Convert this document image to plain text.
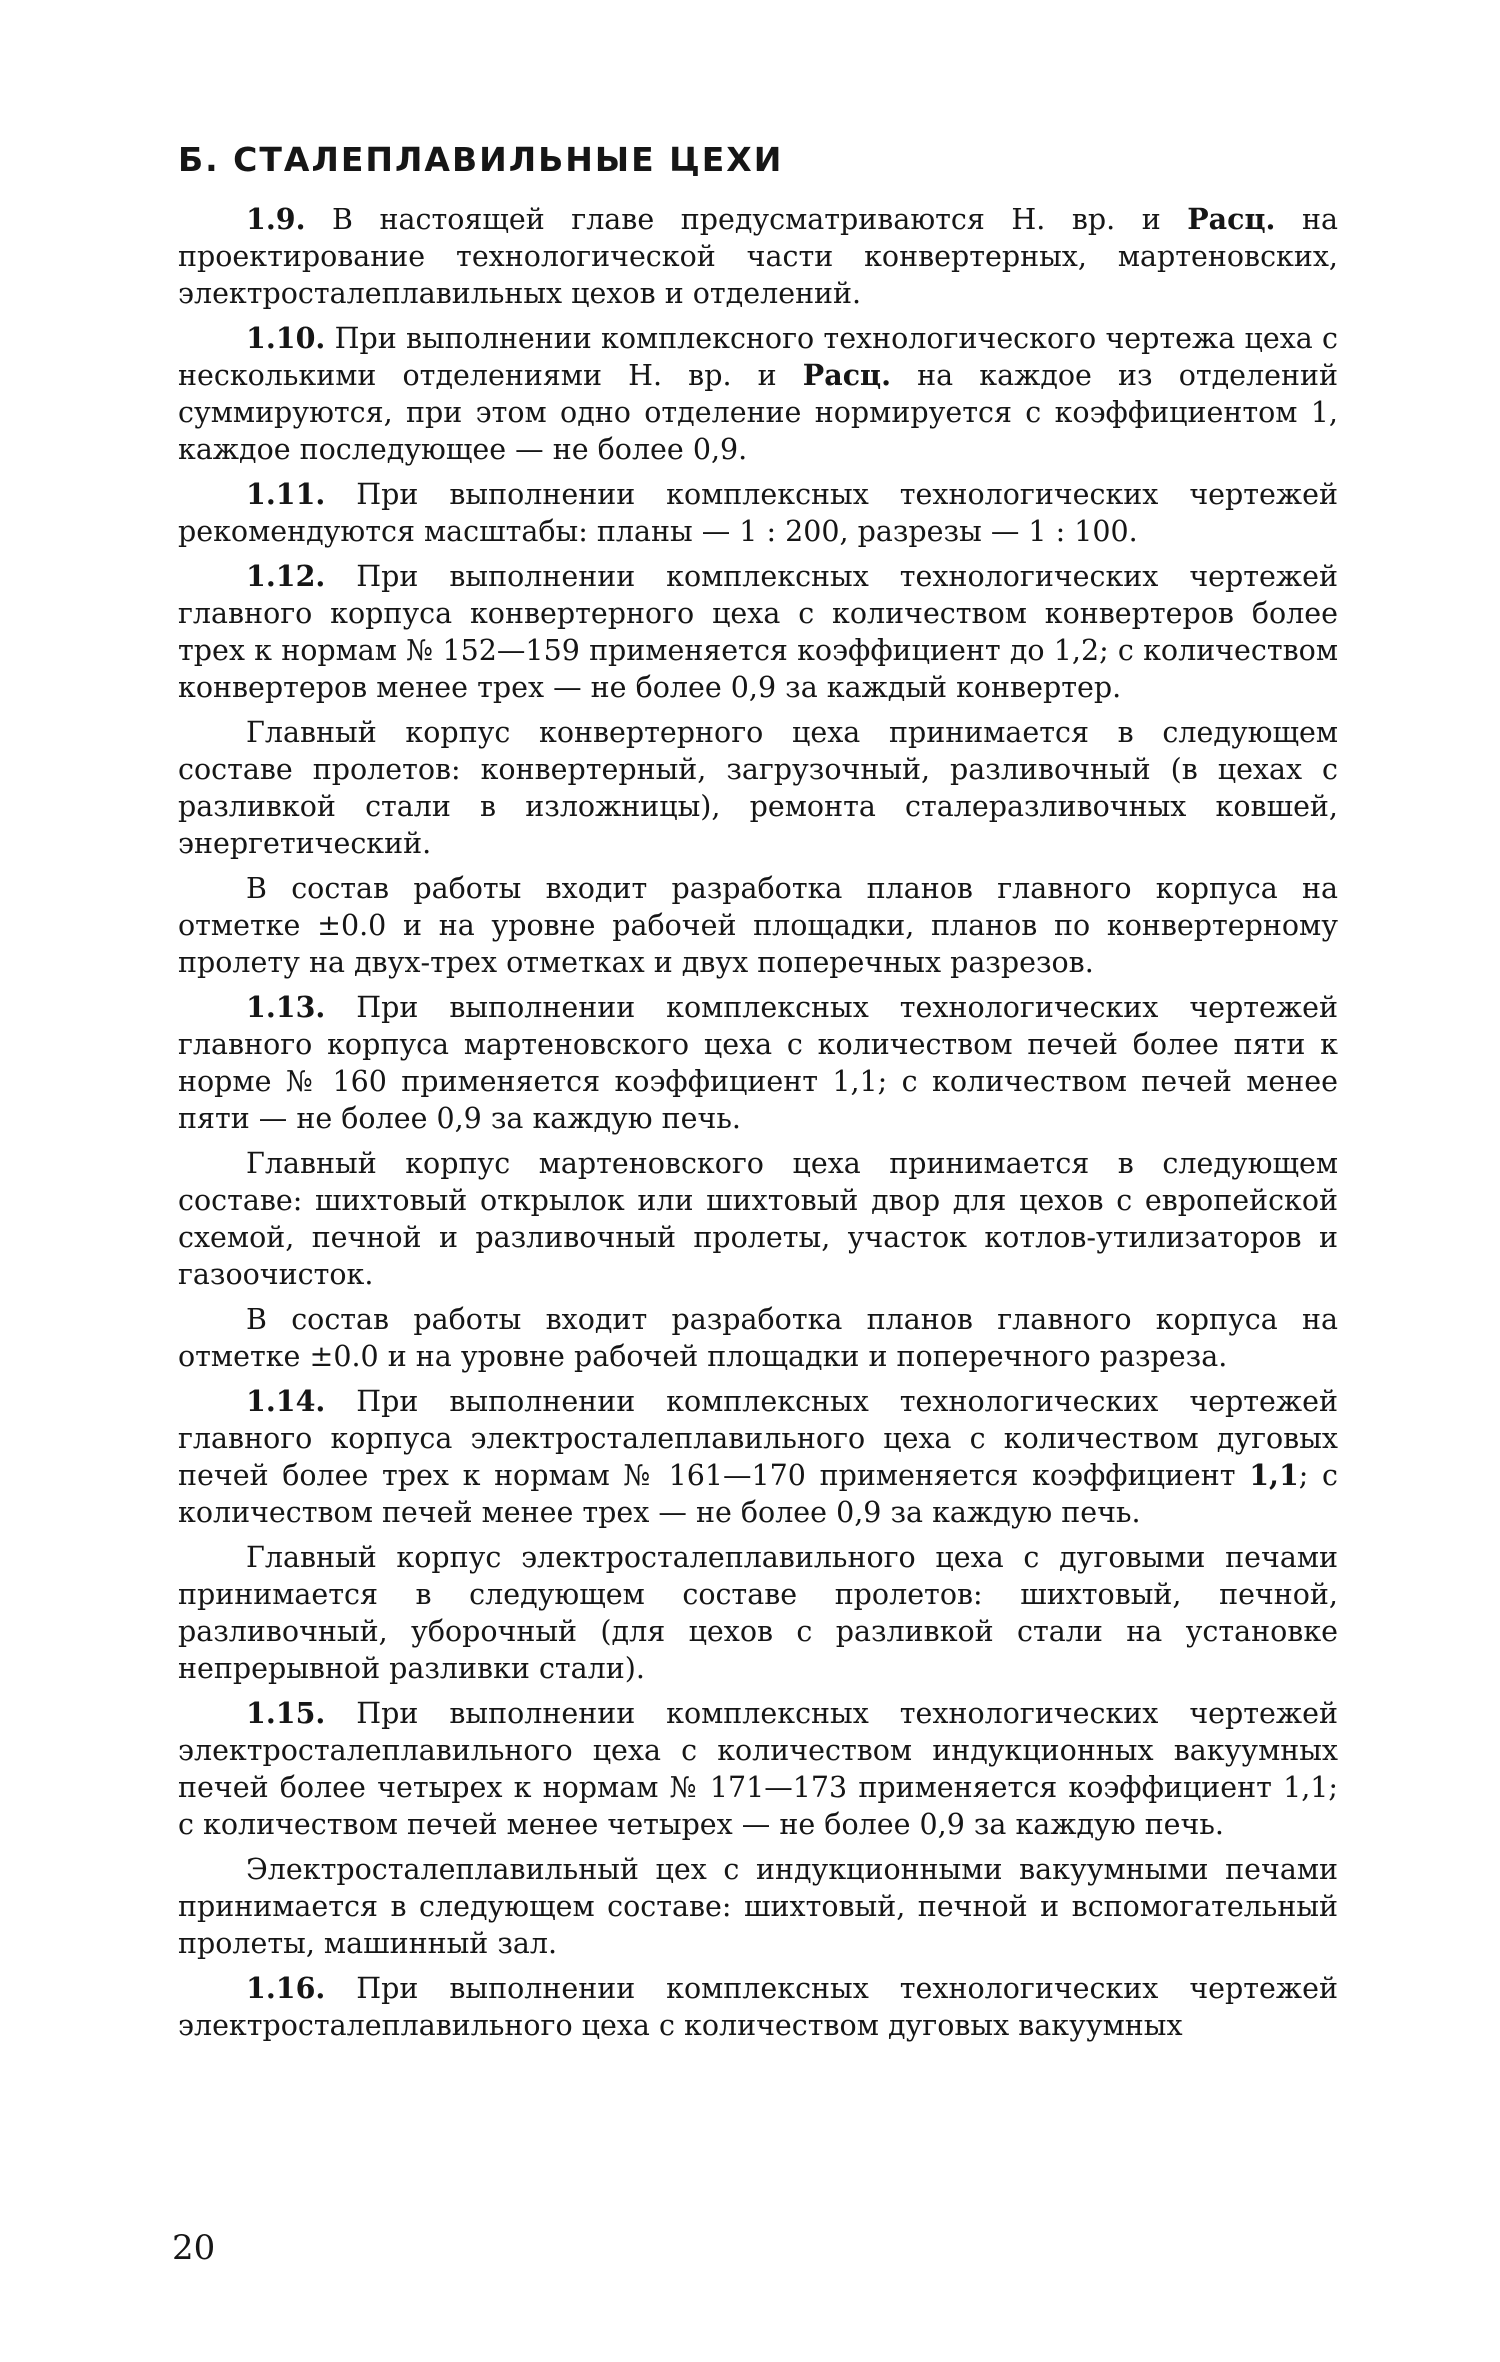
Б. СТАЛЕПЛАВИЛЬНЫЕ ЦЕХИ

1.9. В настоящей главе предусматриваются Н. вр. и Расц. на проектирование технологической части конвертерных, мартеновских, электросталеплавильных цехов и отделений.

1.10. При выполнении комплексного технологического чертежа цеха с несколькими отделениями Н. вр. и Расц. на каждое из отделений суммируются, при этом одно отделение нормируется с коэффициентом 1, каждое последующее — не более 0,9.

1.11. При выполнении комплексных технологических чертежей рекомендуются масштабы: планы — 1 : 200, разрезы — 1 : 100.

1.12. При выполнении комплексных технологических чертежей главного корпуса конвертерного цеха с количеством конвертеров более трех к нормам № 152—159 применяется коэффициент до 1,2; с количеством конвертеров менее трех — не более 0,9 за каждый конвертер.

Главный корпус конвертерного цеха принимается в следующем составе пролетов: конвертерный, загрузочный, разливочный (в цехах с разливкой стали в изложницы), ремонта сталеразливочных ковшей, энергетический.

В состав работы входит разработка планов главного корпуса на отметке ±0.0 и на уровне рабочей площадки, планов по конвертерному пролету на двух-трех отметках и двух поперечных разрезов.

1.13. При выполнении комплексных технологических чертежей главного корпуса мартеновского цеха с количеством печей более пяти к норме № 160 применяется коэффициент 1,1; с количеством печей менее пяти — не более 0,9 за каждую печь.

Главный корпус мартеновского цеха принимается в следующем составе: шихтовый открылок или шихтовый двор для цехов с европейской схемой, печной и разливочный пролеты, участок котлов-утилизаторов и газоочисток.

В состав работы входит разработка планов главного корпуса на отметке ±0.0 и на уровне рабочей площадки и поперечного разреза.

1.14. При выполнении комплексных технологических чертежей главного корпуса электросталеплавильного цеха с количеством дуговых печей более трех к нормам № 161—170 применяется коэффициент 1,1; с количеством печей менее трех — не более 0,9 за каждую печь.

Главный корпус электросталеплавильного цеха с дуговыми печами принимается в следующем составе пролетов: шихтовый, печной, разливочный, уборочный (для цехов с разливкой стали на установке непрерывной разливки стали).

1.15. При выполнении комплексных технологических чертежей электросталеплавильного цеха с количеством индукционных вакуумных печей более четырех к нормам № 171—173 применяется коэффициент 1,1; с количеством печей менее четырех — не более 0,9 за каждую печь.

Электросталеплавильный цех с индукционными вакуумными печами принимается в следующем составе: шихтовый, печной и вспомогательный пролеты, машинный зал.

1.16. При выполнении комплексных технологических чертежей электросталеплавильного цеха с количеством дуговых вакуумных

20
